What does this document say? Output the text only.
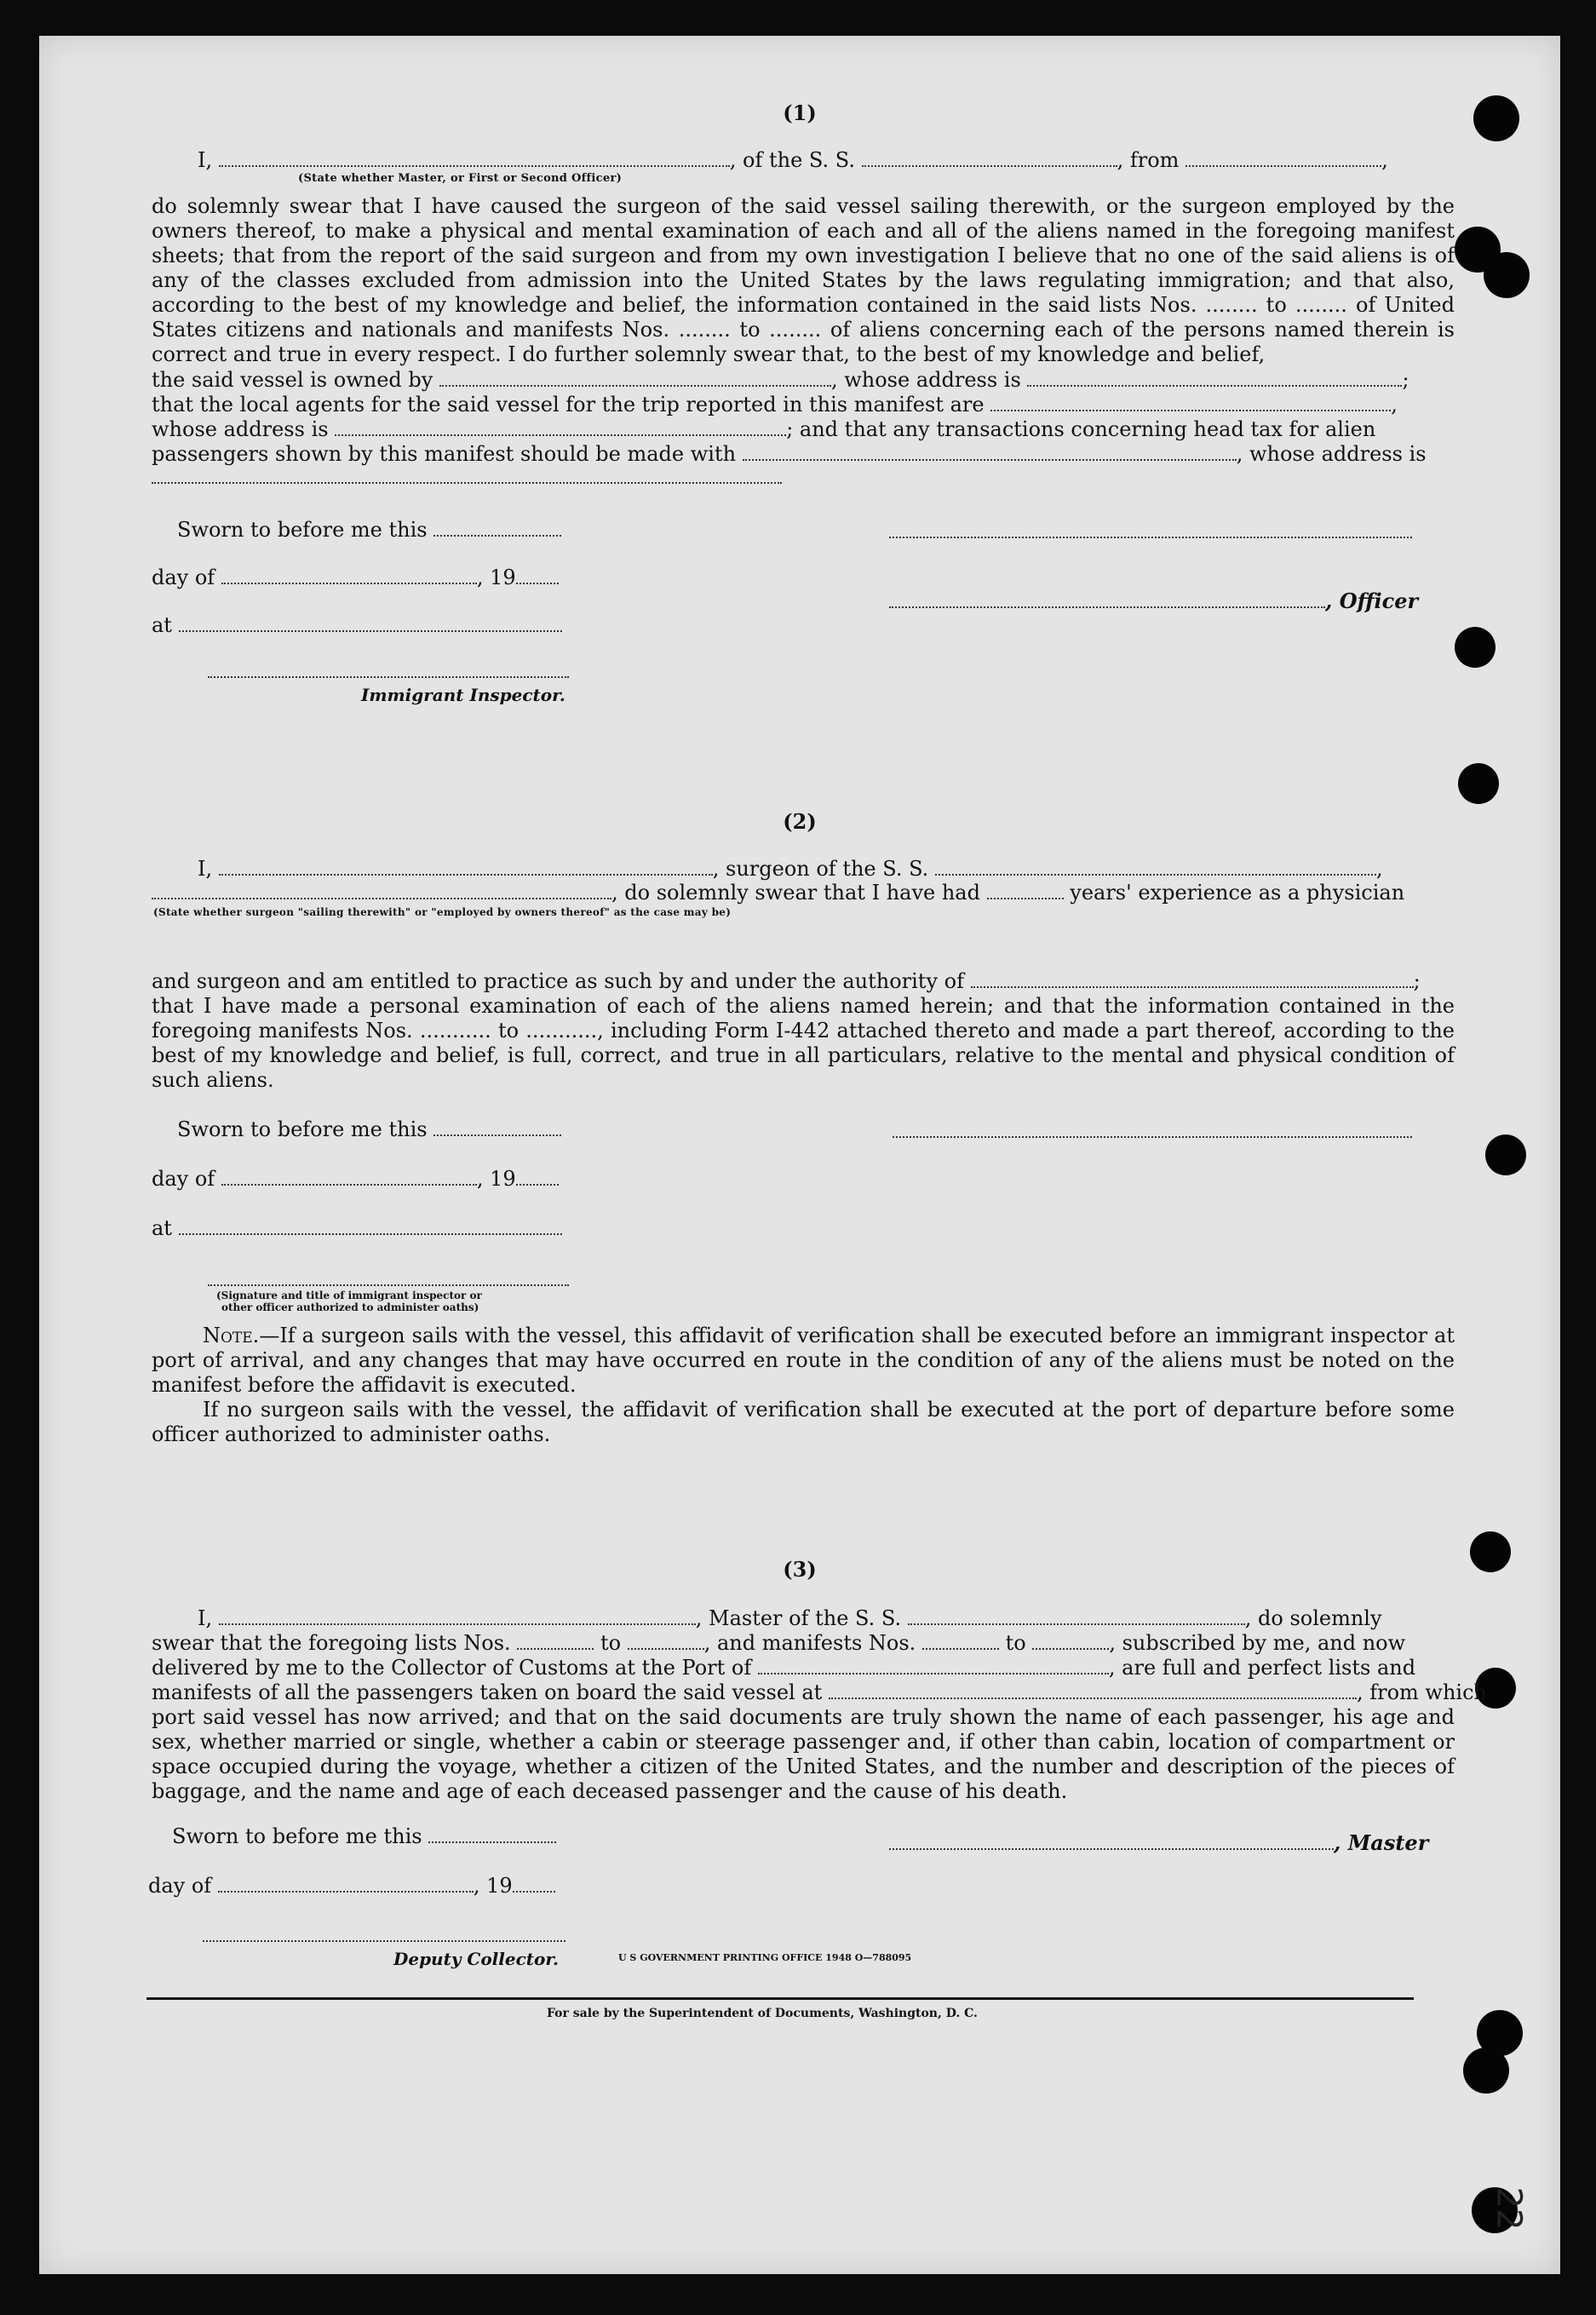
22
(1)
I,	, of the S. S.	, from	,
(State whether Master, or First or Second Officer)
do solemnly swear that I have caused the surgeon of the said vessel sailing therewith, or the surgeon employed by the owners thereof, to make a physical and mental examination of each and all of the aliens named in the foregoing manifest sheets; that from the report of the said surgeon and from my own investigation I believe that no one of the said aliens is of any of the classes excluded from admission into the United States by the laws regulating immigration; and that also, according to the best of my knowledge and belief, the information contained in the said lists Nos. ........ to ........ of United States citizens and nationals and manifests Nos. ........ to ........ of aliens concerning each of the persons named therein is correct and true in every respect. I do further solemnly swear that, to the best of my knowledge and belief,
the said vessel is owned by	, whose address is	;
that the local agents for the said vessel for the trip reported in this manifest are	,
whose address is	; and that any transactions concerning head tax for alien
passengers shown by this manifest should be made with	, whose address is
Sworn to before me this
day of	, 19
, Officer
at
Immigrant Inspector.
(2)
I,	, surgeon of the S. S.	,
, do solemnly swear that I have had	years' experience as a physician
(State whether surgeon "sailing therewith" or "employed by owners thereof" as the case may be)
and surgeon and am entitled to practice as such by and under the authority of	;
that I have made a personal examination of each of the aliens named herein; and that the information contained in the foregoing manifests Nos. ........... to ..........., including Form I-442 attached thereto and made a part thereof, according to the best of my knowledge and belief, is full, correct, and true in all particulars, relative to the mental and physical condition of such aliens.
Sworn to before me this
day of	, 19
at
(Signature and title of immigrant inspector or
other officer authorized to administer oaths)
Note.—If a surgeon sails with the vessel, this affidavit of verification shall be executed before an immigrant inspector at port of arrival, and any changes that may have occurred en route in the condition of any of the aliens must be noted on the manifest before the affidavit is executed.
If no surgeon sails with the vessel, the affidavit of verification shall be executed at the port of departure before some officer authorized to administer oaths.
(3)
I,	, Master of the S. S.	, do solemnly
swear that the foregoing lists Nos.	to	, and manifests Nos.	to	, subscribed by me, and now
delivered by me to the Collector of Customs at the Port of	, are full and perfect lists and
manifests of all the passengers taken on board the said vessel at	, from which
port said vessel has now arrived; and that on the said documents are truly shown the name of each passenger, his age and sex, whether married or single, whether a cabin or steerage passenger and, if other than cabin, location of compartment or space occupied during the voyage, whether a citizen of the United States, and the number and description of the pieces of baggage, and the name and age of each deceased passenger and the cause of his death.
Sworn to before me this	, Master
day of	, 19
Deputy Collector.	U S GOVERNMENT PRINTING OFFICE 1948 O—788095
For sale by the Superintendent of Documents, Washington, D. C.
